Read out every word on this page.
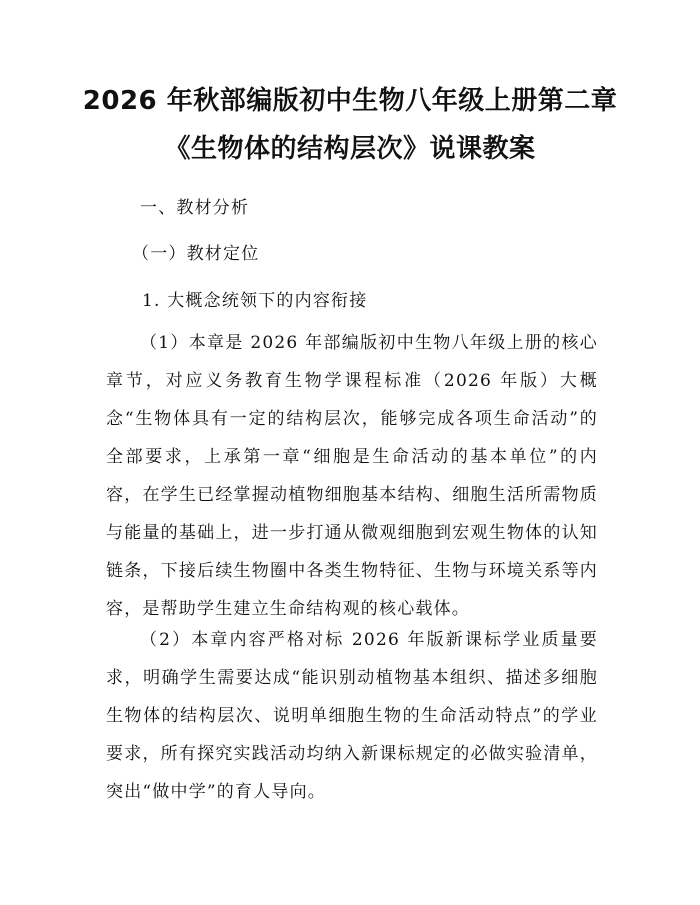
2026 年秋部编版初中生物八年级上册第二章
《生物体的结构层次》说课教案
一、教材分析
（一）教材定位
1. 大概念统领下的内容衔接
（1）本章是 2026 年部编版初中生物八年级上册的核心章节，对应义务教育生物学课程标准（2026 年版）大概念“生物体具有一定的结构层次，能够完成各项生命活动”的全部要求，上承第一章“细胞是生命活动的基本单位”的内容，在学生已经掌握动植物细胞基本结构、细胞生活所需物质与能量的基础上，进一步打通从微观细胞到宏观生物体的认知链条，下接后续生物圈中各类生物特征、生物与环境关系等内容，是帮助学生建立生命结构观的核心载体。
（2）本章内容严格对标 2026 年版新课标学业质量要求，明确学生需要达成“能识别动植物基本组织、描述多细胞生物体的结构层次、说明单细胞生物的生命活动特点”的学业要求，所有探究实践活动均纳入新课标规定的必做实验清单，突出“做中学”的育人导向。
